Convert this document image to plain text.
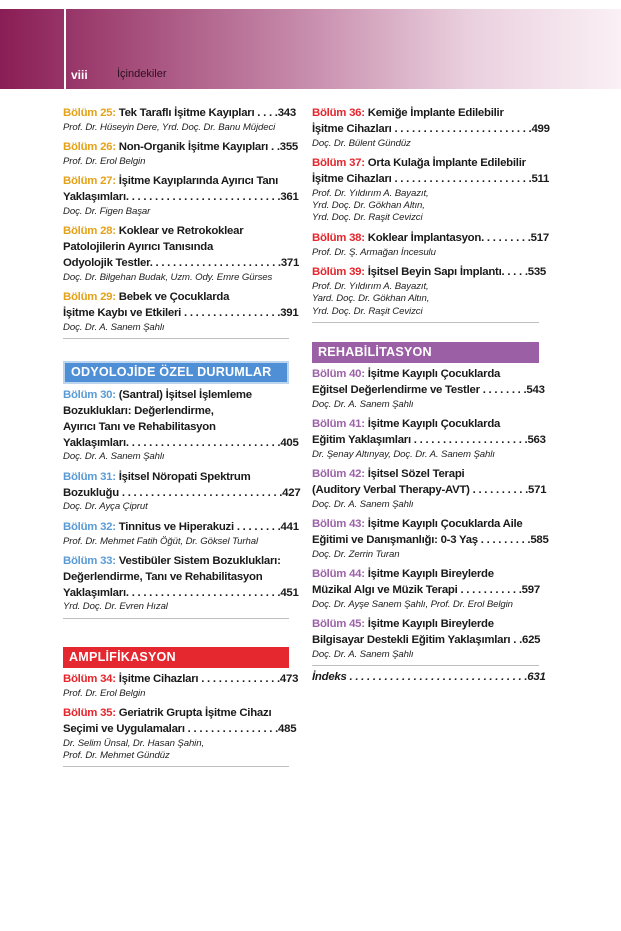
viii	İçindekiler
Bölüm 25: Tek Taraflı İşitme Kayıpları . . . .343
Prof. Dr. Hüseyin Dere, Yrd. Doç. Dr. Banu Müjdeci
Bölüm 26: Non-Organik İşitme Kayıpları . .355
Prof. Dr. Erol Belgin
Bölüm 27: İşitme Kayıplarında Ayırıcı Tanı
Yaklaşımları. . . . . . . . . . . . . . . . . . . . . . . . . . .361
Doç. Dr. Figen Başar
Bölüm 28: Koklear ve Retrokoklear
Patolojilerin Ayırıcı Tanısında
Odyolojik Testler. . . . . . . . . . . . . . . . . . . . . . .371
Doç. Dr. Bilgehan Budak, Uzm. Ody. Emre Gürses
Bölüm 29: Bebek ve Çocuklarda
İşitme Kaybı ve Etkileri . . . . . . . . . . . . . . . . .391
Doç. Dr. A. Sanem Şahlı
ODYOLOJİDE ÖZEL DURUMLAR
Bölüm 30: (Santral) İşitsel İşlemleme
Bozuklukları: Değerlendirme,
Ayırıcı Tanı ve Rehabilitasyon
Yaklaşımları. . . . . . . . . . . . . . . . . . . . . . . . . . .405
Doç. Dr. A. Sanem Şahlı
Bölüm 31: İşitsel Nöropati Spektrum
Bozukluğu . . . . . . . . . . . . . . . . . . . . . . . . . . . .427
Doç. Dr. Ayça Çiprut
Bölüm 32: Tinnitus ve Hiperakuzi . . . . . . . .441
Prof. Dr. Mehmet Fatih Öğüt, Dr. Göksel Turhal
Bölüm 33: Vestibüler Sistem Bozuklukları:
Değerlendirme, Tanı ve Rehabilitasyon
Yaklaşımları. . . . . . . . . . . . . . . . . . . . . . . . . . .451
Yrd. Doç. Dr. Evren Hızal
AMPLİFİKASYON
Bölüm 34: İşitme Cihazları . . . . . . . . . . . . . .473
Prof. Dr. Erol Belgin
Bölüm 35: Geriatrik Grupta İşitme Cihazı
Seçimi ve Uygulamaları . . . . . . . . . . . . . . . .485
Dr. Selim Ünsal, Dr. Hasan Şahin,
Prof. Dr. Mehmet Gündüz
Bölüm 36: Kemiğe İmplante Edilebilir
İşitme Cihazları . . . . . . . . . . . . . . . . . . . . . . . .499
Doç. Dr. Bülent Gündüz
Bölüm 37: Orta Kulağa İmplante Edilebilir
İşitme Cihazları . . . . . . . . . . . . . . . . . . . . . . . .511
Prof. Dr. Yıldırım A. Bayazıt,
Yrd. Doç. Dr. Gökhan Altın,
Yrd. Doç. Dr. Raşit Cevizci
Bölüm 38: Koklear İmplantasyon. . . . . . . . .517
Prof. Dr. Ş. Armağan İncesulu
Bölüm 39: İşitsel Beyin Sapı İmplantı. . . . .535
Prof. Dr. Yıldırım A. Bayazıt,
Yard. Doç. Dr. Gökhan Altın,
Yrd. Doç. Dr. Raşit Cevizci
REHABİLİTASYON
Bölüm 40: İşitme Kayıplı Çocuklarda
Eğitsel Değerlendirme ve Testler . . . . . . . .543
Doç. Dr. A. Sanem Şahlı
Bölüm 41: İşitme Kayıplı Çocuklarda
Eğitim Yaklaşımları . . . . . . . . . . . . . . . . . . . .563
Dr. Şenay Altınyay, Doç. Dr. A. Sanem Şahlı
Bölüm 42: İşitsel Sözel Terapi
(Auditory Verbal Therapy-AVT) . . . . . . . . . .571
Doç. Dr. A. Sanem Şahlı
Bölüm 43: İşitme Kayıplı Çocuklarda Aile
Eğitimi ve Danışmanlığı: 0-3 Yaş . . . . . . . . .585
Doç. Dr. Zerrin Turan
Bölüm 44: İşitme Kayıplı Bireylerde
Müzikal Algı ve Müzik Terapi . . . . . . . . . . .597
Doç. Dr. Ayşe Sanem Şahlı, Prof. Dr. Erol Belgin
Bölüm 45: İşitme Kayıplı Bireylerde
Bilgisayar Destekli Eğitim Yaklaşımları . .625
Doç. Dr. A. Sanem Şahlı
İndeks . . . . . . . . . . . . . . . . . . . . . . . . . . . . . . .631
